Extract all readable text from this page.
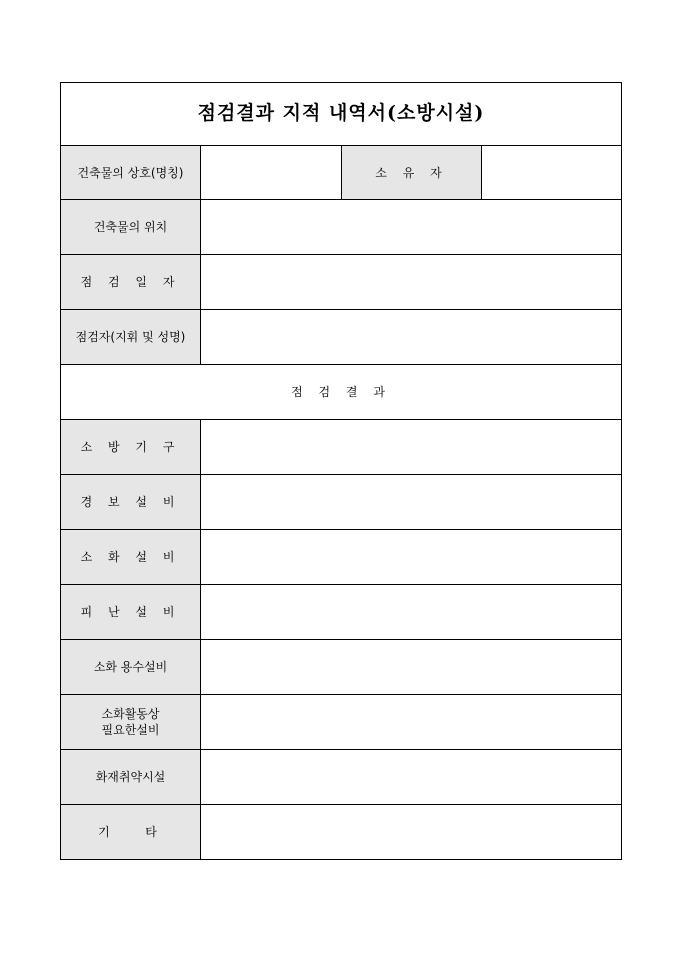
점검결과 지적 내역서(소방시설)			
건축물의 상호(명칭)		소 유 자	
건축물의 위치			
점 검 일 자			
점검자(지휘 및 성명)			
점 검 결 과			
소 방 기 구			
경 보 설 비			
소 화 설 비			
피 난 설 비			
소화 용수설비			

소화활동상
필요한설비			

화재취약시설			
기   타			
